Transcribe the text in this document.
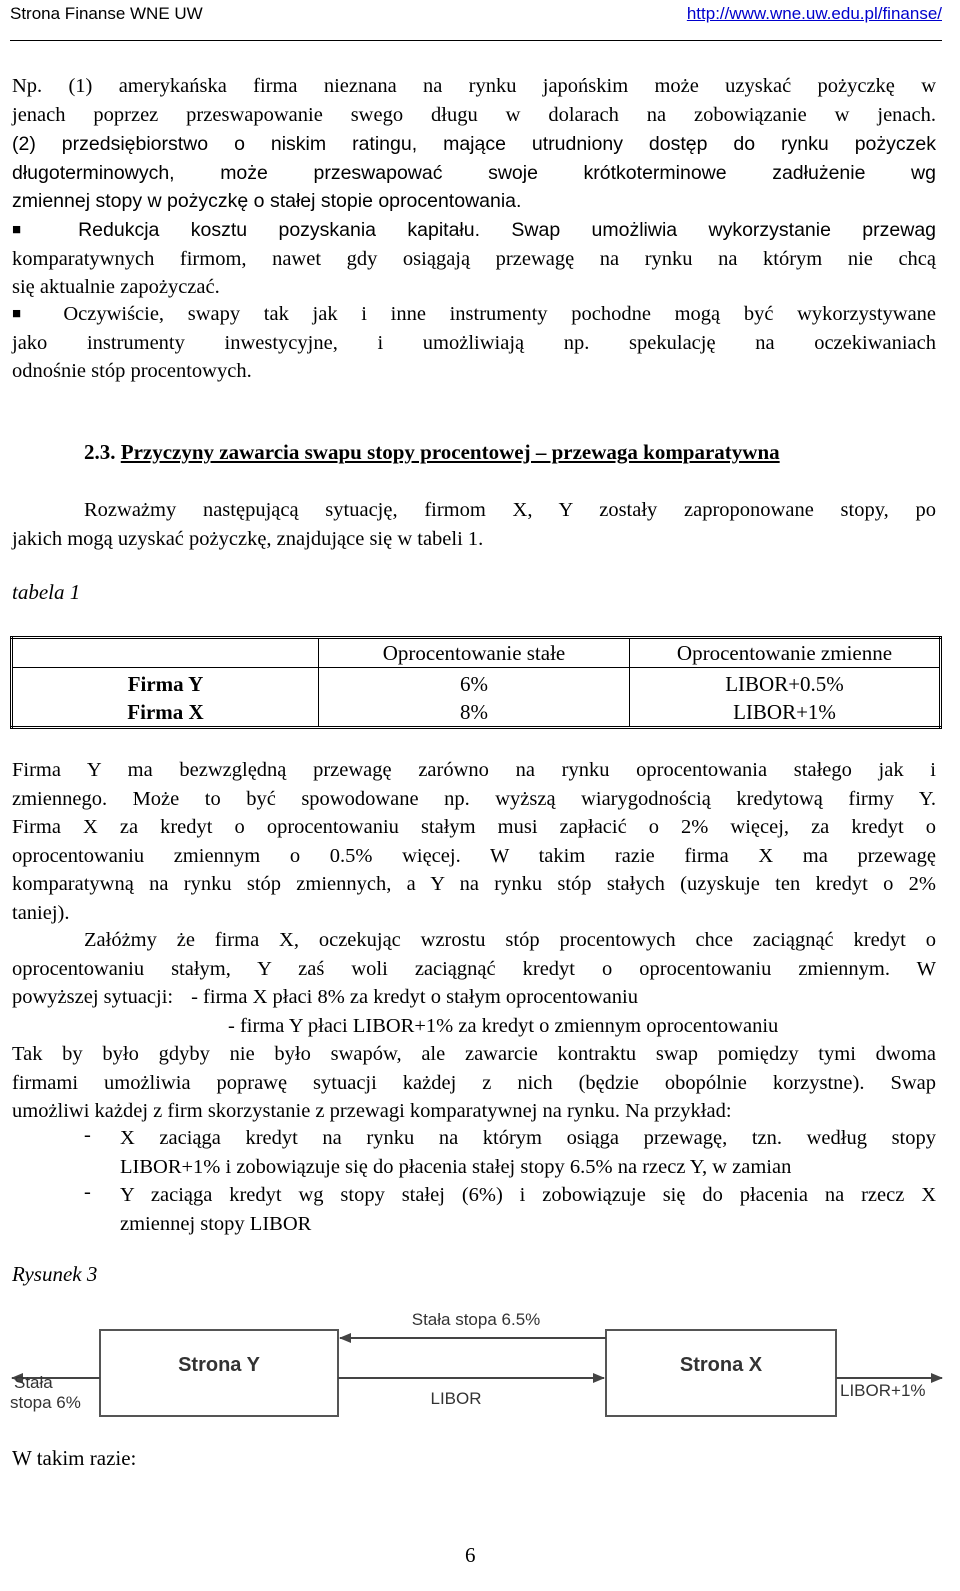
Strona Finanse WNE UW	http://www.wne.uw.edu.pl/finanse/
Np. (1) amerykańska firma nieznana na rynku japońskim może uzyskać pożyczkę w
jenach poprzez przeswapowanie swego długu w dolarach na zobowiązanie w jenach.
(2) przedsiębiorstwo o niskim ratingu, mające utrudniony dostęp do rynku pożyczek
długoterminowych, może przeswapować swoje krótkoterminowe zadłużenie wg
zmiennej stopy w pożyczkę o stałej stopie oprocentowania.
■ Redukcja kosztu pozyskania kapitału. Swap umożliwia wykorzystanie przewag
komparatywnych firmom, nawet gdy osiągają przewagę na rynku na którym nie chcą
się aktualnie zapożyczać.
■ Oczywiście, swapy tak jak i inne instrumenty pochodne mogą być wykorzystywane
jako instrumenty inwestycyjne, i umożliwiają np. spekulację na oczekiwaniach
odnośnie stóp procentowych.
2.3. Przyczyny zawarcia swapu stopy procentowej – przewaga komparatywna
Rozważmy następującą sytuację, firmom X, Y zostały zaproponowane stopy, po
jakich mogą uzyskać pożyczkę, znajdujące się w tabeli 1.
tabela 1
	Oprocentowanie stałe	Oprocentowanie zmienne
Firma Y	6%	LIBOR+0.5%
Firma X	8%	LIBOR+1%
Firma Y ma bezwzględną przewagę zarówno na rynku oprocentowania stałego jak i
zmiennego. Może to być spowodowane np. wyższą wiarygodnością kredytową firmy Y.
Firma X za kredyt o oprocentowaniu stałym musi zapłacić o 2% więcej, za kredyt o
oprocentowaniu zmiennym o 0.5% więcej. W takim razie firma X ma przewagę
komparatywną na rynku stóp zmiennych, a Y na rynku stóp stałych (uzyskuje ten kredyt o 2%
taniej).
Załóżmy że firma X, oczekując wzrostu stóp procentowych chce zaciągnąć kredyt o
oprocentowaniu stałym, Y zaś woli zaciągnąć kredyt o oprocentowaniu zmiennym. W
powyższej sytuacji: - firma X płaci 8% za kredyt o stałym oprocentowaniu
- firma Y płaci LIBOR+1% za kredyt o zmiennym oprocentowaniu
Tak by było gdyby nie było swapów, ale zawarcie kontraktu swap pomiędzy tymi dwoma
firmami umożliwia poprawę sytuacji każdej z nich (będzie obopólnie korzystne). Swap
umożliwi każdej z firm skorzystanie z przewagi komparatywnej na rynku. Na przykład:
- X zaciąga kredyt na rynku na którym osiąga przewagę, tzn. według stopy
LIBOR+1% i zobowiązuje się do płacenia stałej stopy 6.5% na rzecz Y, w zamian
- Y zaciąga kredyt wg stopy stałej (6%) i zobowiązuje się do płacenia na rzecz X
zmiennej stopy LIBOR
Rysunek 3
Strona Y	Strona X
Stała stopa 6.5%
LIBOR
Stała
stopa 6%
LIBOR+1%
W takim razie:
6
